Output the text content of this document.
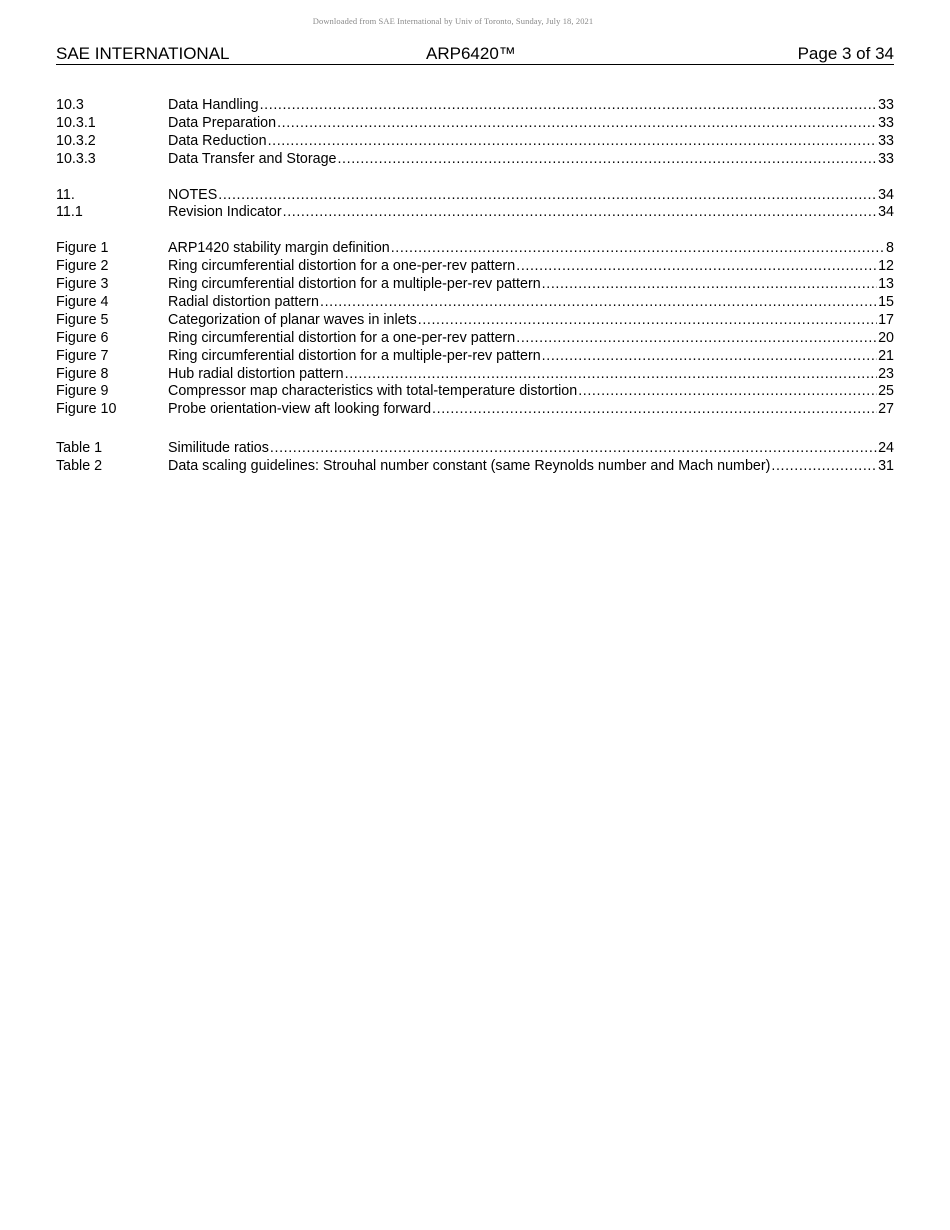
Downloaded from SAE International by Univ of Toronto, Sunday, July 18, 2021
SAE INTERNATIONAL	ARP6420™	Page 3 of 34
10.3	Data Handling .....	33
10.3.1	Data Preparation .....	33
10.3.2	Data Reduction .....	33
10.3.3	Data Transfer and Storage .....	33
11.	NOTES .....	34
11.1	Revision Indicator .....	34
Figure 1	ARP1420 stability margin definition .....	8
Figure 2	Ring circumferential distortion for a one-per-rev pattern .....	12
Figure 3	Ring circumferential distortion for a multiple-per-rev pattern .....	13
Figure 4	Radial distortion pattern .....	15
Figure 5	Categorization of planar waves in inlets .....	17
Figure 6	Ring circumferential distortion for a one-per-rev pattern .....	20
Figure 7	Ring circumferential distortion for a multiple-per-rev pattern .....	21
Figure 8	Hub radial distortion pattern .....	23
Figure 9	Compressor map characteristics with total-temperature distortion .....	25
Figure 10	Probe orientation-view aft looking forward .....	27
Table 1	Similitude ratios .....	24
Table 2	Data scaling guidelines: Strouhal number constant (same Reynolds number and Mach number) .....	31
